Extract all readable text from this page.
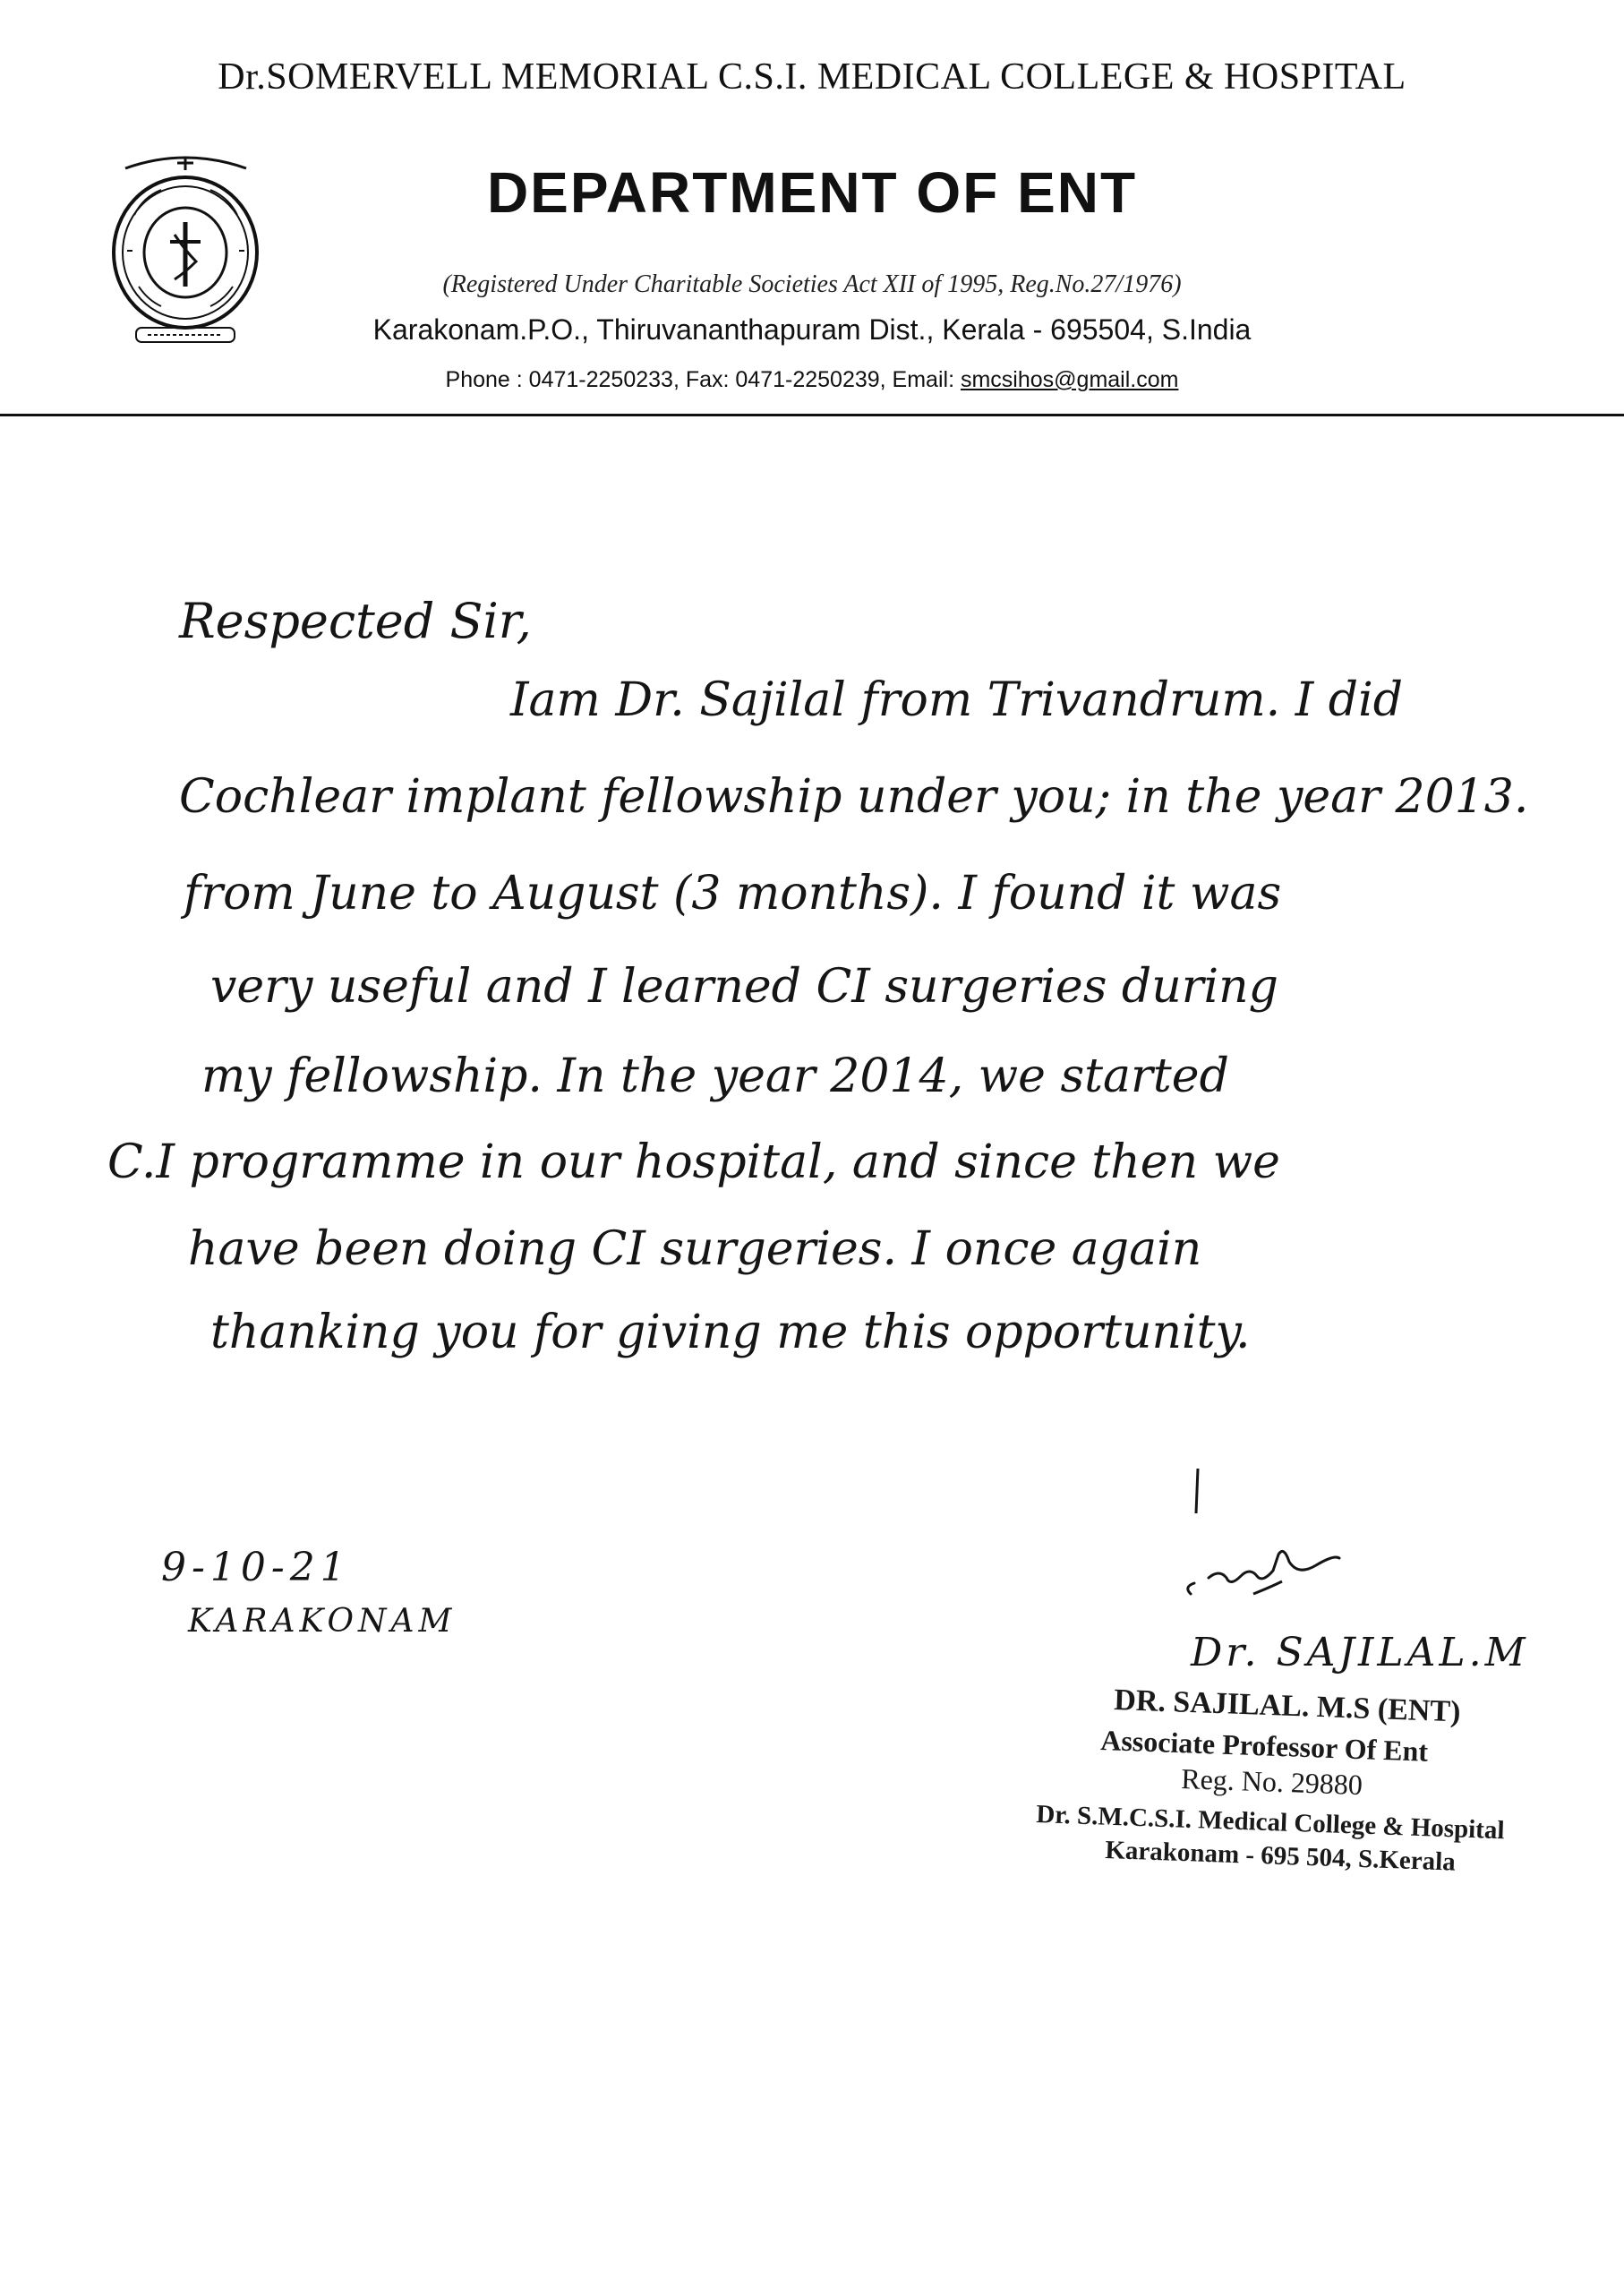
Dr.SOMERVELL MEMORIAL C.S.I. MEDICAL COLLEGE & HOSPITAL
DEPARTMENT OF ENT
(Registered Under Charitable Societies Act XII of 1995, Reg.No.27/1976)
Karakonam.P.O., Thiruvananthapuram Dist., Kerala - 695504, S.India
Phone : 0471-2250233, Fax: 0471-2250239, Email: smcsihos@gmail.com
Respected Sir,
Iam Dr. Sajilal from Trivandrum. I did
Cochlear implant fellowship under you; in the year 2013.
from June to August (3 months). I found it was
very useful and I learned CI surgeries during
my fellowship. In the year 2014, we started
C.I programme in our hospital, and since then we
have been doing CI surgeries. I once again
thanking you for giving me this opportunity.
9-10-21
KARAKONAM
Dr. SAJILAL.M
DR. SAJILAL. M.S (ENT)
Associate Professor Of Ent
Reg. No. 29880
Dr. S.M.C.S.I. Medical College & Hospital
Karakonam - 695 504, S.Kerala
